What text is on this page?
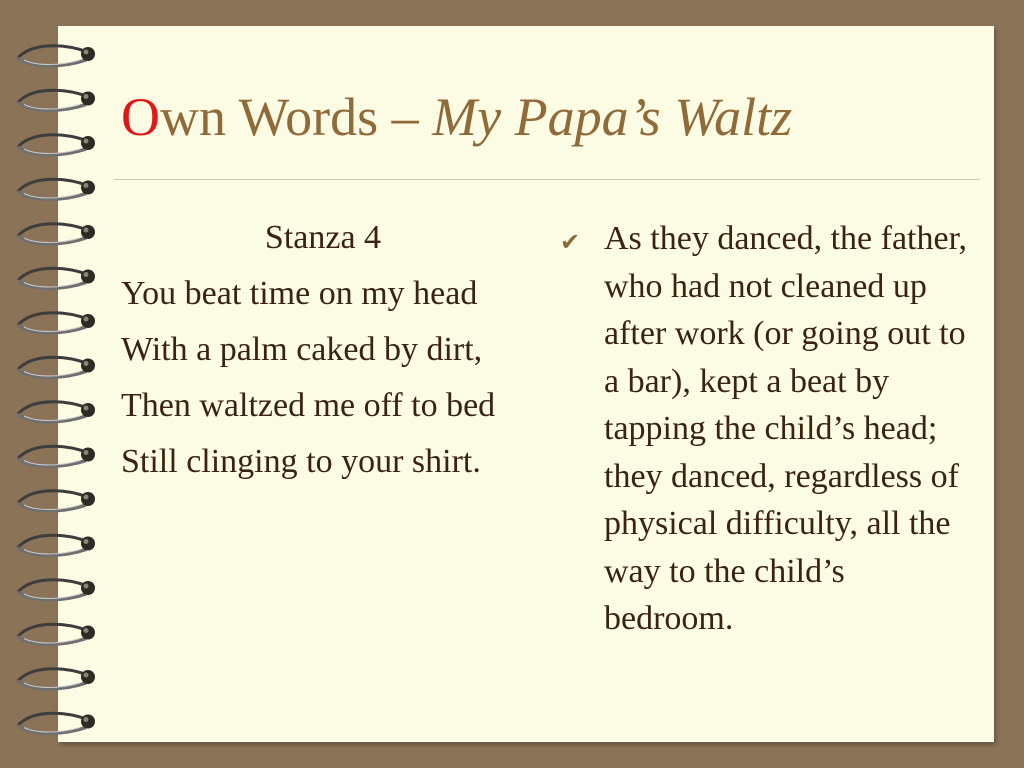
Own Words – My Papa’s Waltz
Stanza 4
You beat time on my head
With a palm caked by dirt,
Then waltzed me off to bed
Still clinging to your shirt.
✔ As they danced, the father, who had not cleaned up after work (or going out to a bar), kept a beat by tapping the child’s head; they danced, regardless of physical difficulty, all the way to the child’s bedroom.
